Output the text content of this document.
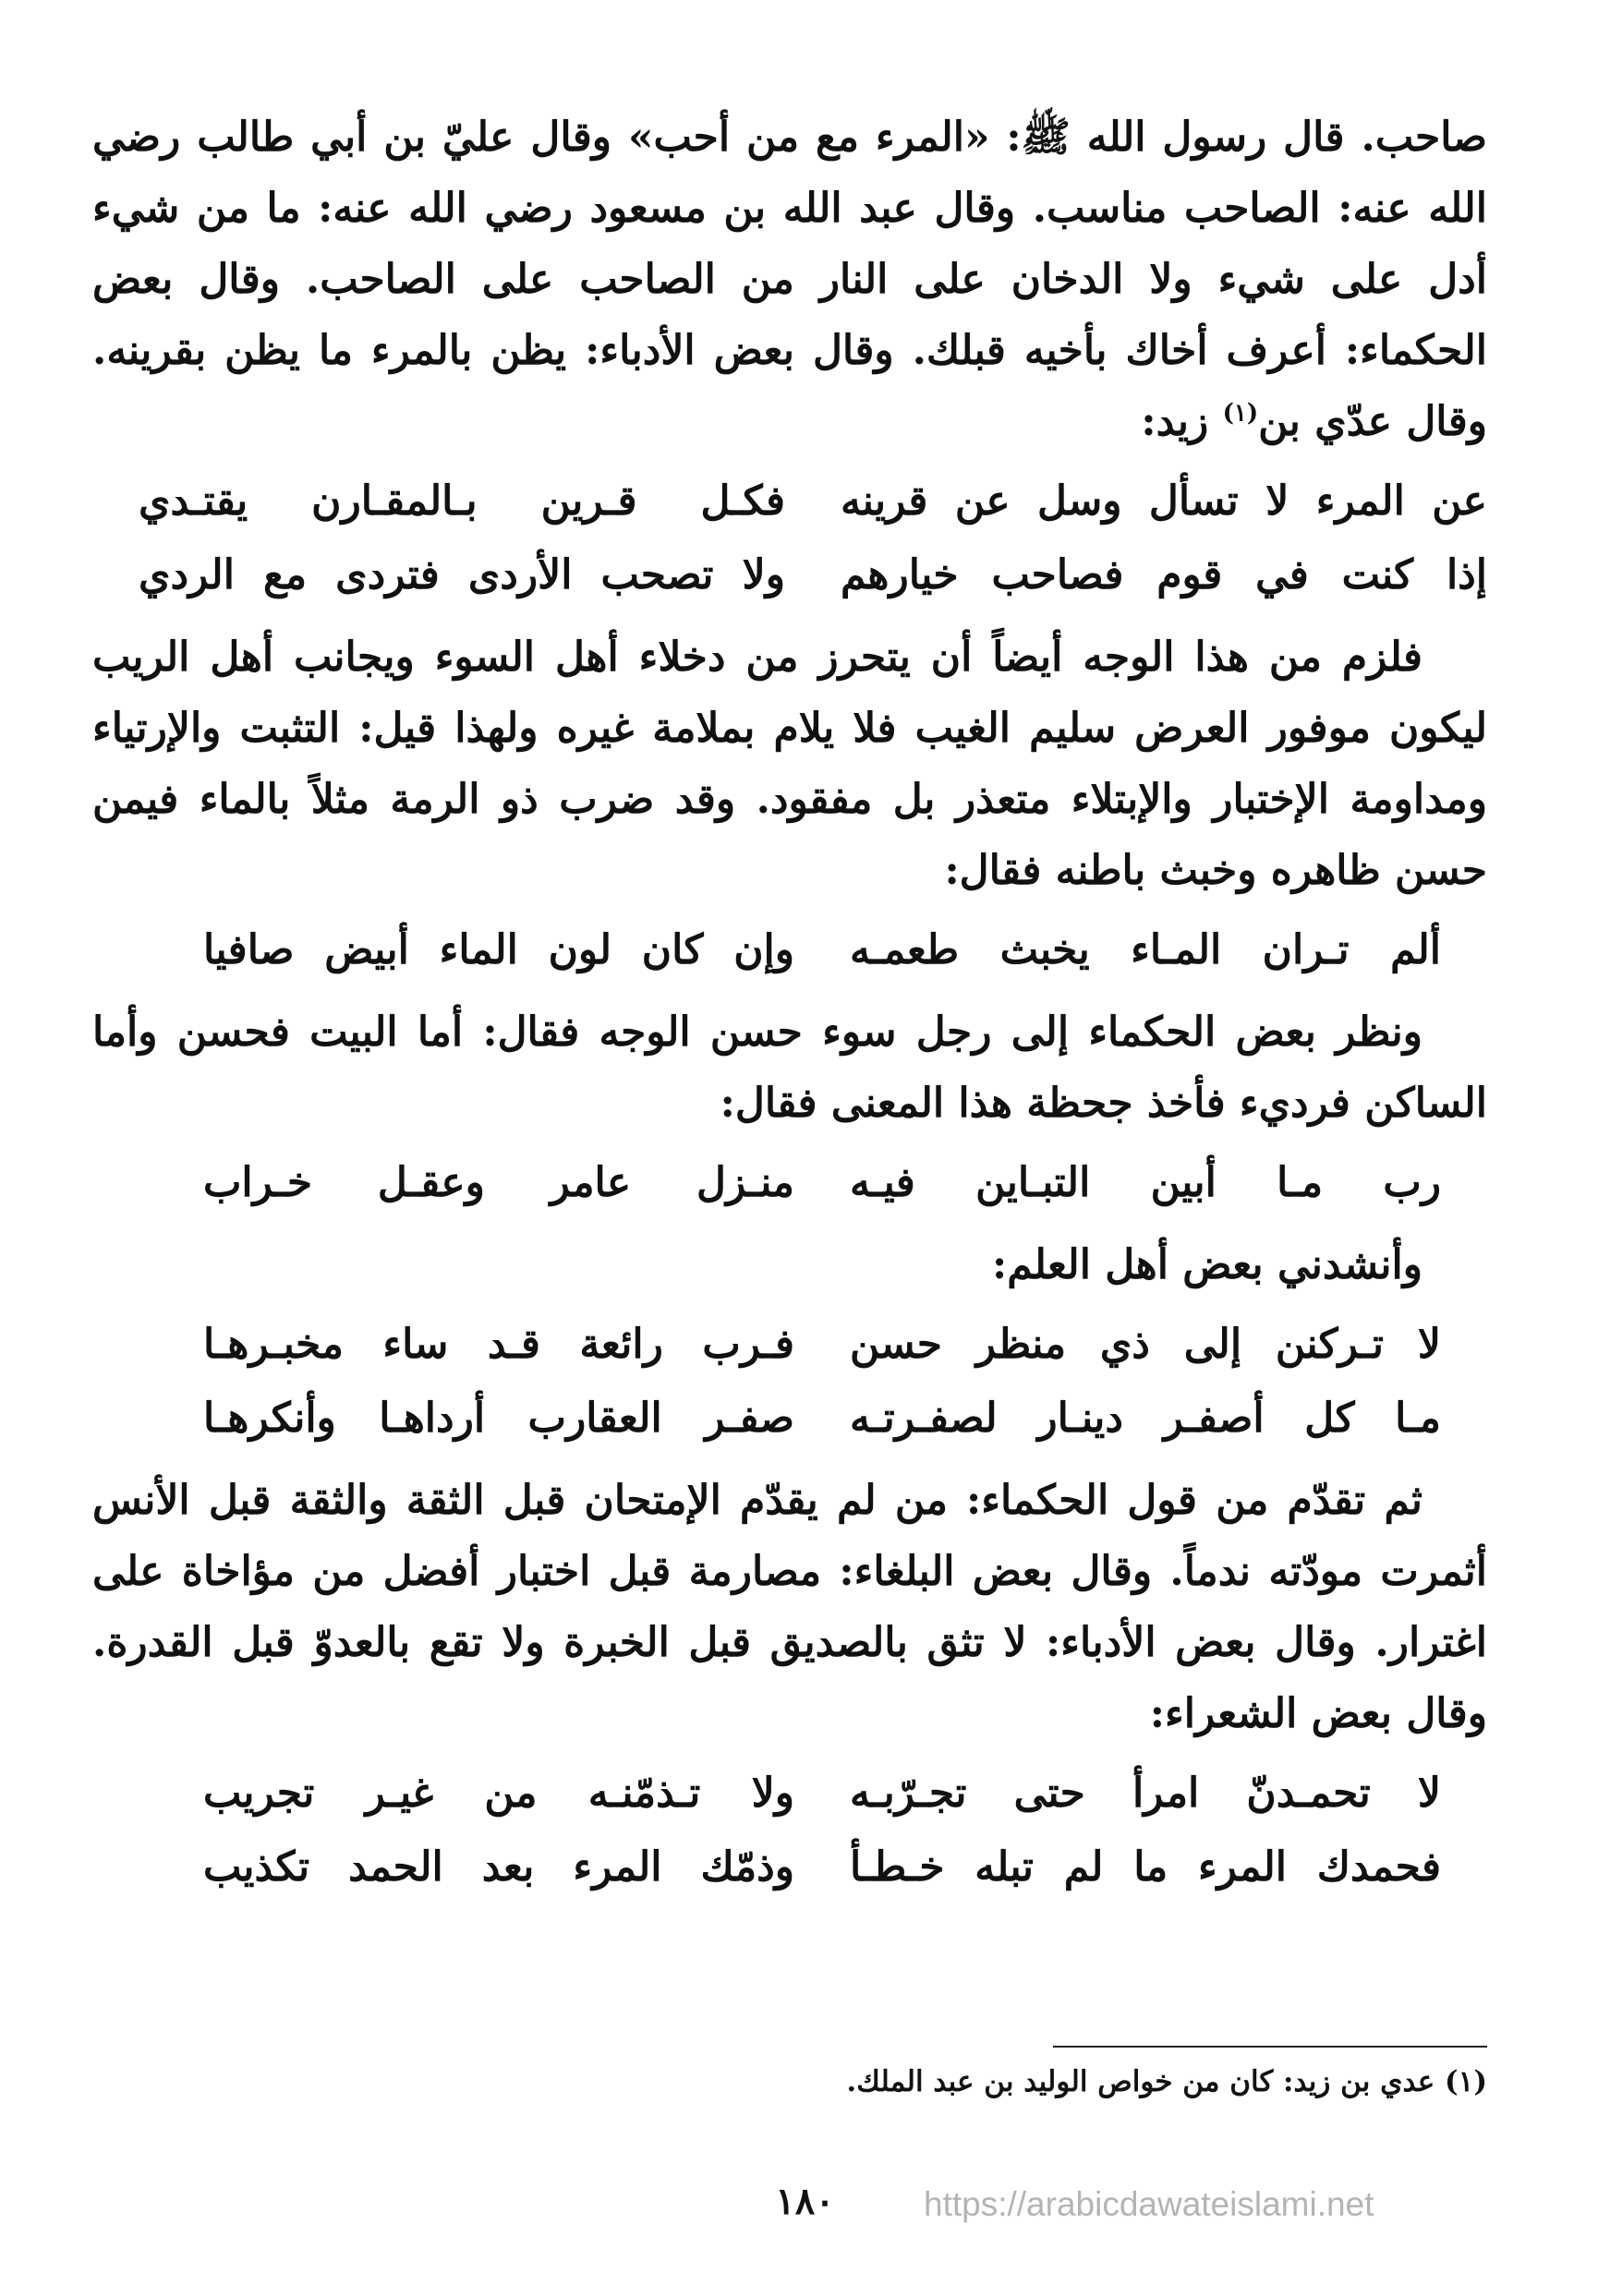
صاحب. قال رسول الله ﷺ: «المرء مع من أحب» وقال عليّ بن أبي طالب رضي الله عنه: الصاحب مناسب. وقال عبد الله بن مسعود رضي الله عنه: ما من شيء أدل على شيء ولا الدخان على النار من الصاحب على الصاحب. وقال بعض الحكماء: أعرف أخاك بأخيه قبلك. وقال بعض الأدباء: يظن بالمرء ما يظن بقرينه. وقال عدّي بن$^{(١)}$ زيد:

عن المرء لا تسأل وسل عن قرينه
فكـل قـرين بـالمقـارن يقتـدي
إذا كنت في قوم فصاحب خيارهم
ولا تصحب الأردى فتردى مع الردي

فلزم من هذا الوجه أيضاً أن يتحرز من دخلاء أهل السوء ويجانب أهل الريب ليكون موفور العرض سليم الغيب فلا يلام بملامة غيره ولهذا قيل: التثبت والإرتياء ومداومة الإختبار والإبتلاء متعذر بل مفقود. وقد ضرب ذو الرمة مثلاً بالماء فيمن حسن ظاهره وخبث باطنه فقال:

ألم تـران المـاء يخبث طعمـه
وإن كان لون الماء أبيض صافيا

ونظر بعض الحكماء إلى رجل سوء حسن الوجه فقال: أما البيت فحسن وأما الساكن فرديء فأخذ جحظة هذا المعنى فقال:

رب مـا أبين التبـاين فيـه
منـزل عامر وعقـل خـراب

وأنشدني بعض أهل العلم:

لا تـركنن إلى ذي منظر حسن
فـرب رائعة قـد ساء مخبـرهـا
مـا كل أصفـر دينـار لصفـرتـه
صفـر العقارب أرداهـا وأنكرهـا

ثم تقدّم من قول الحكماء: من لم يقدّم الإمتحان قبل الثقة والثقة قبل الأنس أثمرت مودّته ندماً. وقال بعض البلغاء: مصارمة قبل اختبار أفضل من مؤاخاة على اغترار. وقال بعض الأدباء: لا تثق بالصديق قبل الخبرة ولا تقع بالعدوّ قبل القدرة. وقال بعض الشعراء:

لا تحمـدنّ امرأ حتى تجـرّبـه
ولا تـذمّنـه من غيـر تجريب
فحمدك المرء ما لم تبله خـطـأ
وذمّك المرء بعد الحمد تكذيب
(١) عدي بن زيد: كان من خواص الوليد بن عبد الملك.
١٨٠	https://arabicdawateislami.net
